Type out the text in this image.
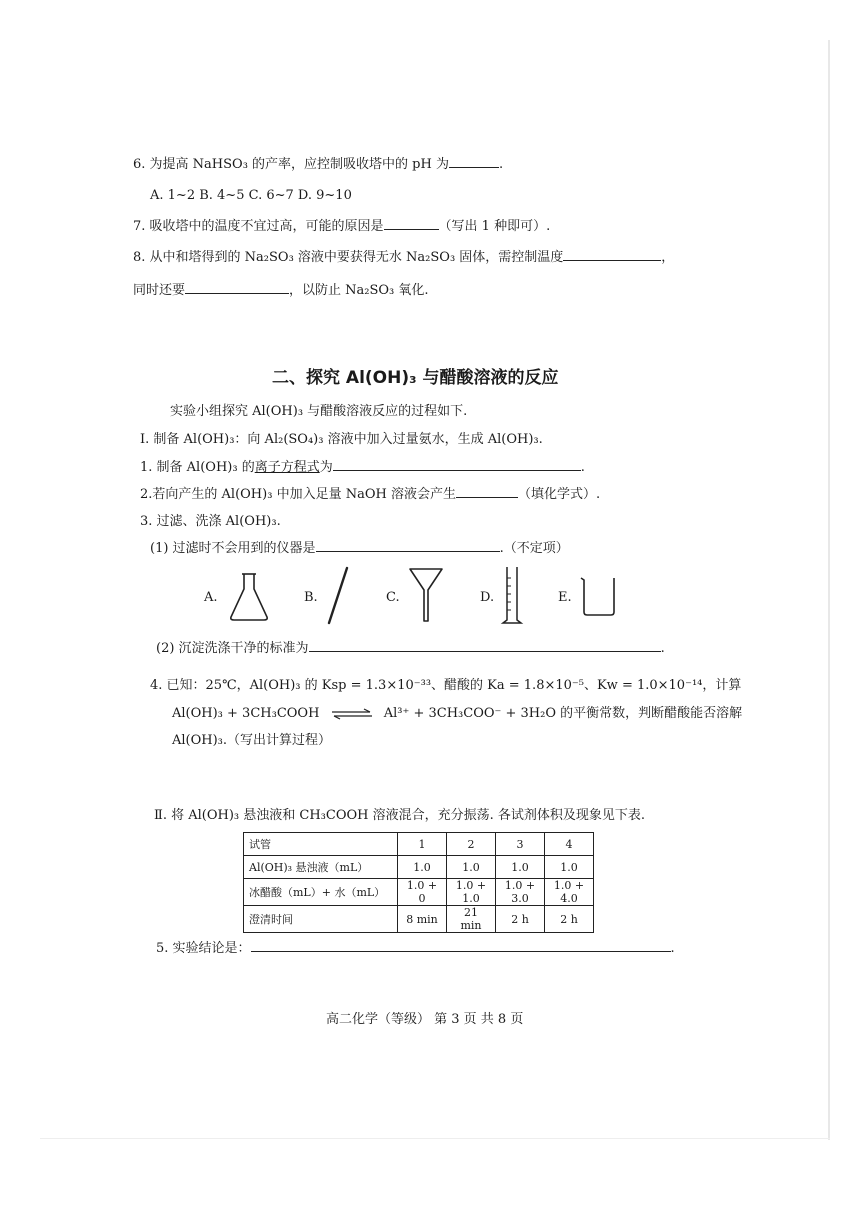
6. 为提高 NaHSO₃ 的产率，应控制吸收塔中的 pH 为	.
A. 1~2 B. 4~5 C. 6~7 D. 9~10
7. 吸收塔中的温度不宜过高，可能的原因是	（写出 1 种即可）.
8. 从中和塔得到的 Na₂SO₃ 溶液中要获得无水 Na₂SO₃ 固体，需控制温度	，
同时还要	，以防止 Na₂SO₃ 氧化.
二、探究 Al(OH)₃ 与醋酸溶液的反应
实验小组探究 Al(OH)₃ 与醋酸溶液反应的过程如下.
Ⅰ. 制备 Al(OH)₃：向 Al₂(SO₄)₃ 溶液中加入过量氨水，生成 Al(OH)₃.
1. 制备 Al(OH)₃ 的离子方程式为	.
2.若向产生的 Al(OH)₃ 中加入足量 NaOH 溶液会产生	（填化学式）.
3. 过滤、洗涤 Al(OH)₃.
(1) 过滤时不会用到的仪器是	.（不定项）
A.	B.	C.	D.	E.
(2) 沉淀洗涤干净的标准为	.
4. 已知：25℃，Al(OH)₃ 的 Ksp = 1.3×10⁻³³、醋酸的 Ka = 1.8×10⁻⁵、Kw = 1.0×10⁻¹⁴，计算
Al(OH)₃ + 3CH₃COOH ⇌ Al³⁺ + 3CH₃COO⁻ + 3H₂O 的平衡常数，判断醋酸能否溶解
Al(OH)₃.（写出计算过程）
Ⅱ. 将 Al(OH)₃ 悬浊液和 CH₃COOH 溶液混合，充分振荡. 各试剂体积及现象见下表.
试管	1	2	3	4
Al(OH)₃ 悬浊液（mL）	1.0	1.0	1.0	1.0
冰醋酸（mL）+ 水（mL）	1.0 + 0	1.0 + 1.0	1.0 + 3.0	1.0 + 4.0
澄清时间	8 min	21 min	2 h	2 h
5. 实验结论是：	.
高二化学（等级） 第 3 页 共 8 页
